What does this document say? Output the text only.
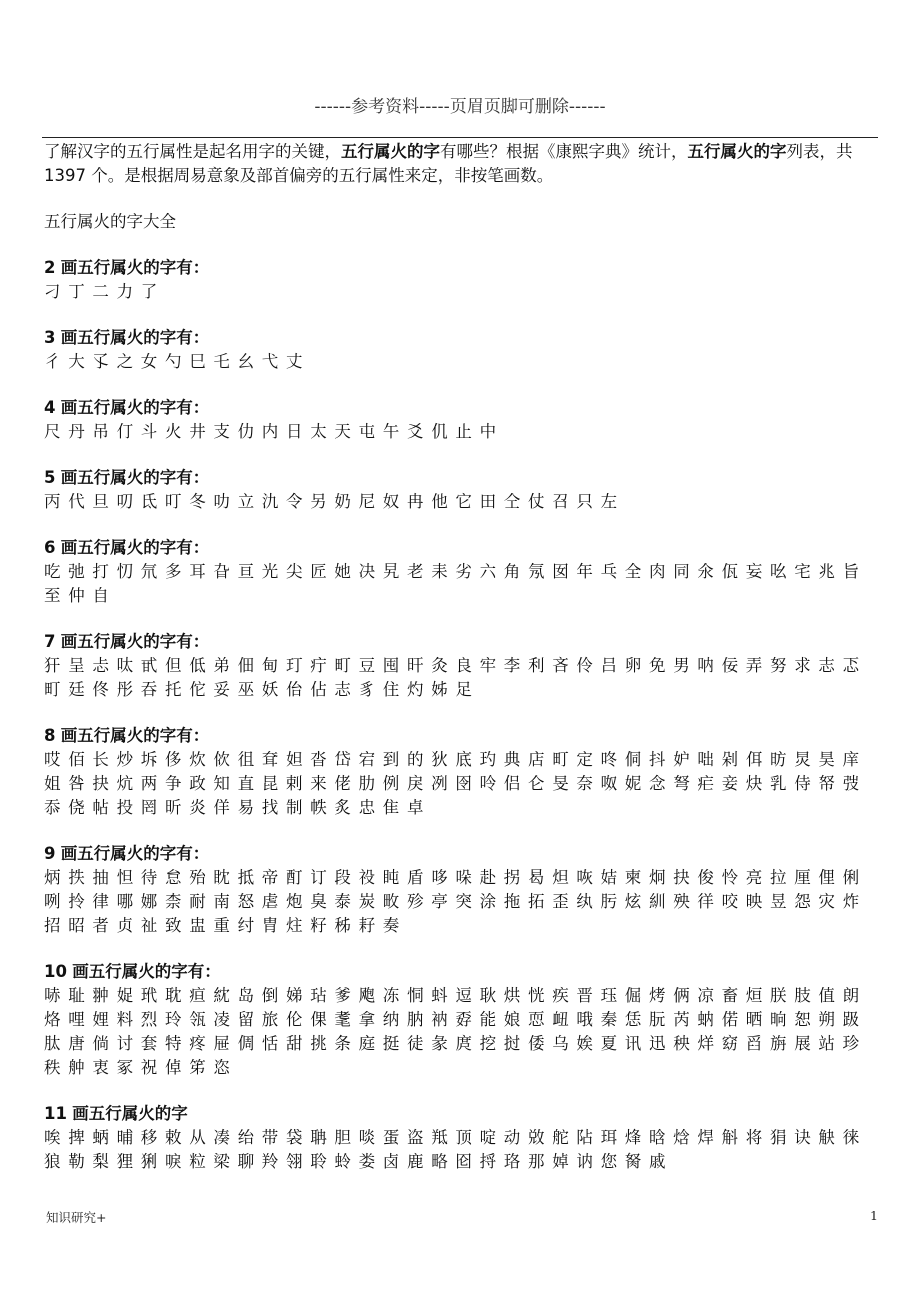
------参考资料-----页眉页脚可删除------

了解汉字的五行属性是起名用字的关键，五行属火的字有哪些？根据《康熙字典》统计，五行属火的字列表，共 1397 个。是根据周易意象及部首偏旁的五行属性来定，非按笔画数。

五行属火的字大全

2 画五行属火的字有：
刁丁二力了
3 画五行属火的字有：
彳大孓之女勺巳乇幺弋丈
4 画五行属火的字有：
尺丹吊仃斗火井支仂内日太天屯午爻仉止中
5 画五行属火的字有：
丙代旦叨氐叮冬叻立氿令另奶尼奴冉他它田仝仗召只左
6 画五行属火的字有：
吃弛打忉氘多耳旮亘光尖匠她决旯老耒劣六角氖囡年乓全肉同氽佤妄吆宅兆旨至仲自
7 画五行属火的字有：
犴呈忐呔甙但低弟佃甸玎疔町豆囤旰灸良牢李利吝伶吕卵免男呐佞弄努求志忑町廷佟彤吞托佗妥巫妖佁佔志豸住灼姊足
8 画五行属火的字有：
哎佰长炒坼侈炊佽徂耷妲沓岱宕到的狄底玓典店町定咚侗抖妒咄剁佴昉炅昊庠姐咎抉炕两争政知直昆剌来佬肋例戾冽囹呤侣仑旻奈呶妮念弩疟妾炔乳侍帑弢忝侥帖投罔昕炎佯易找制帙炙忠隹卓
9 画五行属火的字有：
炳抶抽怛待怠殆眈抵帝酊订段祋盹盾哆哚赴拐曷炟咴姞柬炯抉俊怜亮拉厘俚俐咧拎律哪娜柰耐南怒虐炮臭泰炭畋殄亭突涂拖拓歪纨肟炫紃殃徉咬映昱怨灾炸招昭者贞祉致盅重纣胄炷籽秭耔奏
10 画五行属火的字有：
哧耻翀娖玳耽疸紞岛倒娣玷爹飑冻恫蚪逗耿烘恍疾晋珏倔烤俩凉畜烜朕肢值朗烙哩娌料烈玲瓴凌留旅伦倮耄拿纳肭衲孬能娘恧衄哦秦恁朊芮蚋偌晒晌恕朔趿肽唐倘讨套特疼屉倜恬甜挑条庭挺徒彖庹挖挝倭乌娭夏讯迅秧烊窈舀旃展站珍秩舯衷冢祝倬笫恣
11 画五行属火的字
唉捭蛃晡移敕从凑绐带袋聃胆啖蛋盗羝顶啶动敚舵阽珥烽晗焓焊斛将狷诀觖徕狼勒梨狸猁唳粒梁聊羚翎聆蛉娄卤鹿略囵捋珞那婥讷您胬戚
知识研究+	1
